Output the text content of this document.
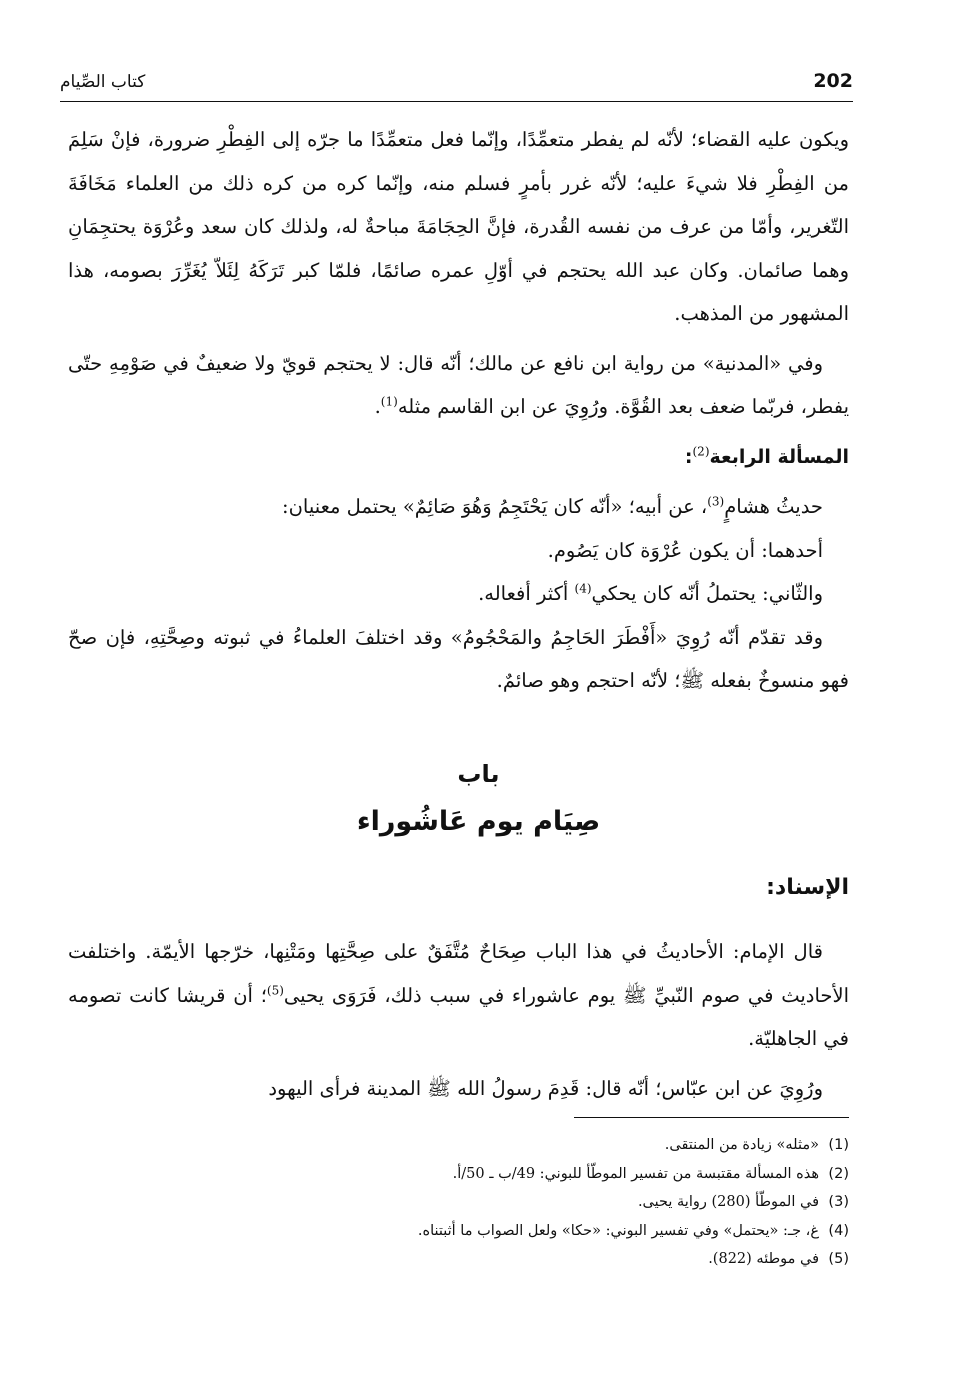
202
كتاب الصِّيام

ويكون عليه القضاء؛ لأنّه لم يفطر متعمِّدًا، وإنّما فعل متعمِّدًا ما جرّه إلى الفِطْرِ ضرورة، فإنْ سَلِمَ من الفِطْرِ فلا شيءَ عليه؛ لأنّه غرر بأمرٍ فسلم منه، وإنّما كره من كره ذلك من العلماء مَخَافَةَ التّغرير، وأمّا من عرف من نفسه القُدرة، فإنَّ الحِجَامَةَ مباحةٌ له، ولذلك كان سعد وعُرْوَة يحتجِمَانِ وهما صائمان. وكان عبد الله يحتجم في أوّلِ عمره صائمًا، فلمّا كبر تَرَكَهُ لِئَلاّ يُغَرِّرَ بصومه، هذا المشهور من المذهب.

وفي «المدنية» من رواية ابن نافع عن مالك؛ أنّه قال: لا يحتجم قويّ ولا ضعيفٌ في صَوْمِهِ حتّى يفطر، فربّما ضعف بعد القُوَّة. ورُوِيَ عن ابن القاسم مثله$^{(1)}$.

المسألة الرابعة$^{(2)}$:

حديثُ هشامٍ$^{(3)}$، عن أبيه؛ «أنّه كان يَحْتَجِمُ وَهُوَ صَائِمٌ» يحتمل معنيان:

أحدهما: أن يكون عُرْوَة كان يَصُوم.

والثّاني: يحتملُ أنّه كان يحكي$^{(4)}$ أكثر أفعاله.

وقد تقدّم أنّه رُوِيَ «أَفْطَرَ الحَاجِمُ والمَحْجُومُ» وقد اختلفَ العلماءُ في ثبوته وصِحَّتِهِ، فإن صحّ فهو منسوخٌ بفعله ﷺ؛ لأنّه احتجم وهو صائمٌ.

باب
صِيَام يوم عَاشُوراء
الإسناد:

قال الإمام: الأحاديثُ في هذا الباب صِحَاحٌ مُتَّفَقٌ على صِحَّتِها ومَتْنِها، خرّجها الأيمّة. واختلفت الأحاديث في صوم النّبيِّ ﷺ يوم عاشوراء في سبب ذلك، فَرَوَى يحيى$^{(5)}$؛ أن قريشا كانت تصومه في الجاهليّة.

ورُوِيَ عن ابن عبّاس؛ أنّه قال: قَدِمَ رسولُ الله ﷺ المدينة فرأى اليهود

(1)«مثله» زيادة من المنتقى.
(2)هذه المسألة مقتبسة من تفسير الموطّأ للبوني: 49/ب ـ 50/أ.
(3)في الموطّأ (280) رواية يحيى.
(4)غ، جـ: «يحتمل» وفي تفسير البوني: «حكا» ولعل الصواب ما أثبتناه.
(5)في موطئه (822).
